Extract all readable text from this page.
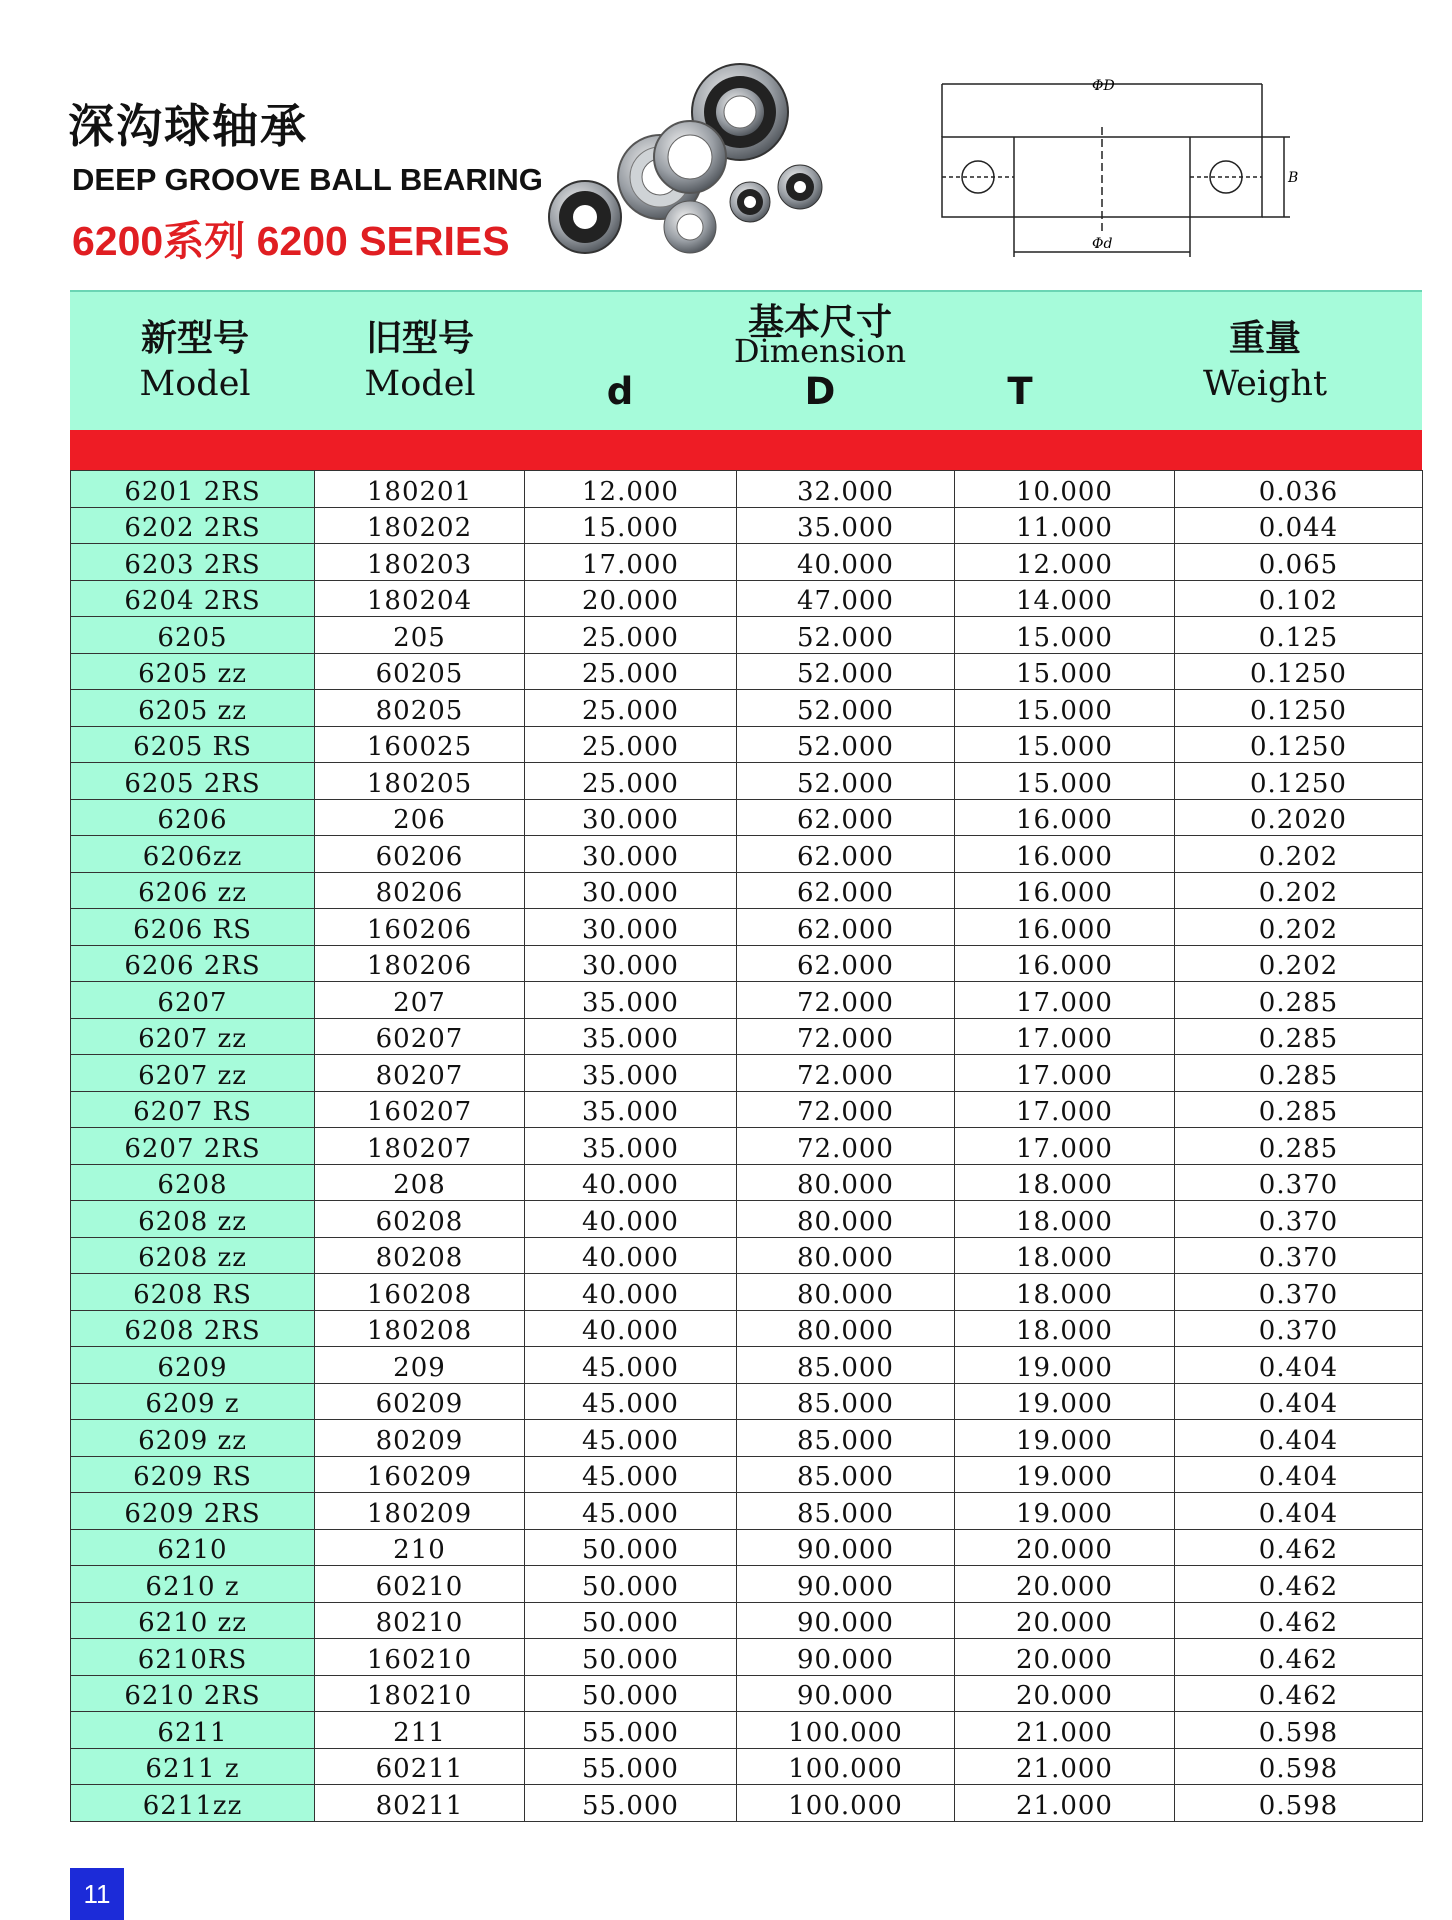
深沟球轴承
DEEP GROOVE BALL BEARING
6200系列 6200 SERIES
ΦD
Φd
B
新型号
Model
旧型号
Model
基本尺寸
Dimension
d	D	T
重量
Weight
6201 2RS	180201	12.000	32.000	10.000	0.036
6202 2RS	180202	15.000	35.000	11.000	0.044
6203 2RS	180203	17.000	40.000	12.000	0.065
6204 2RS	180204	20.000	47.000	14.000	0.102
6205	205	25.000	52.000	15.000	0.125
6205 zz	60205	25.000	52.000	15.000	0.1250
6205 zz	80205	25.000	52.000	15.000	0.1250
6205 RS	160025	25.000	52.000	15.000	0.1250
6205 2RS	180205	25.000	52.000	15.000	0.1250
6206	206	30.000	62.000	16.000	0.2020
6206zz	60206	30.000	62.000	16.000	0.202
6206 zz	80206	30.000	62.000	16.000	0.202
6206 RS	160206	30.000	62.000	16.000	0.202
6206 2RS	180206	30.000	62.000	16.000	0.202
6207	207	35.000	72.000	17.000	0.285
6207 zz	60207	35.000	72.000	17.000	0.285
6207 zz	80207	35.000	72.000	17.000	0.285
6207 RS	160207	35.000	72.000	17.000	0.285
6207 2RS	180207	35.000	72.000	17.000	0.285
6208	208	40.000	80.000	18.000	0.370
6208 zz	60208	40.000	80.000	18.000	0.370
6208 zz	80208	40.000	80.000	18.000	0.370
6208 RS	160208	40.000	80.000	18.000	0.370
6208 2RS	180208	40.000	80.000	18.000	0.370
6209	209	45.000	85.000	19.000	0.404
6209 z	60209	45.000	85.000	19.000	0.404
6209 zz	80209	45.000	85.000	19.000	0.404
6209 RS	160209	45.000	85.000	19.000	0.404
6209 2RS	180209	45.000	85.000	19.000	0.404
6210	210	50.000	90.000	20.000	0.462
6210 z	60210	50.000	90.000	20.000	0.462
6210 zz	80210	50.000	90.000	20.000	0.462
6210RS	160210	50.000	90.000	20.000	0.462
6210 2RS	180210	50.000	90.000	20.000	0.462
6211	211	55.000	100.000	21.000	0.598
6211 z	60211	55.000	100.000	21.000	0.598
6211zz	80211	55.000	100.000	21.000	0.598
11
